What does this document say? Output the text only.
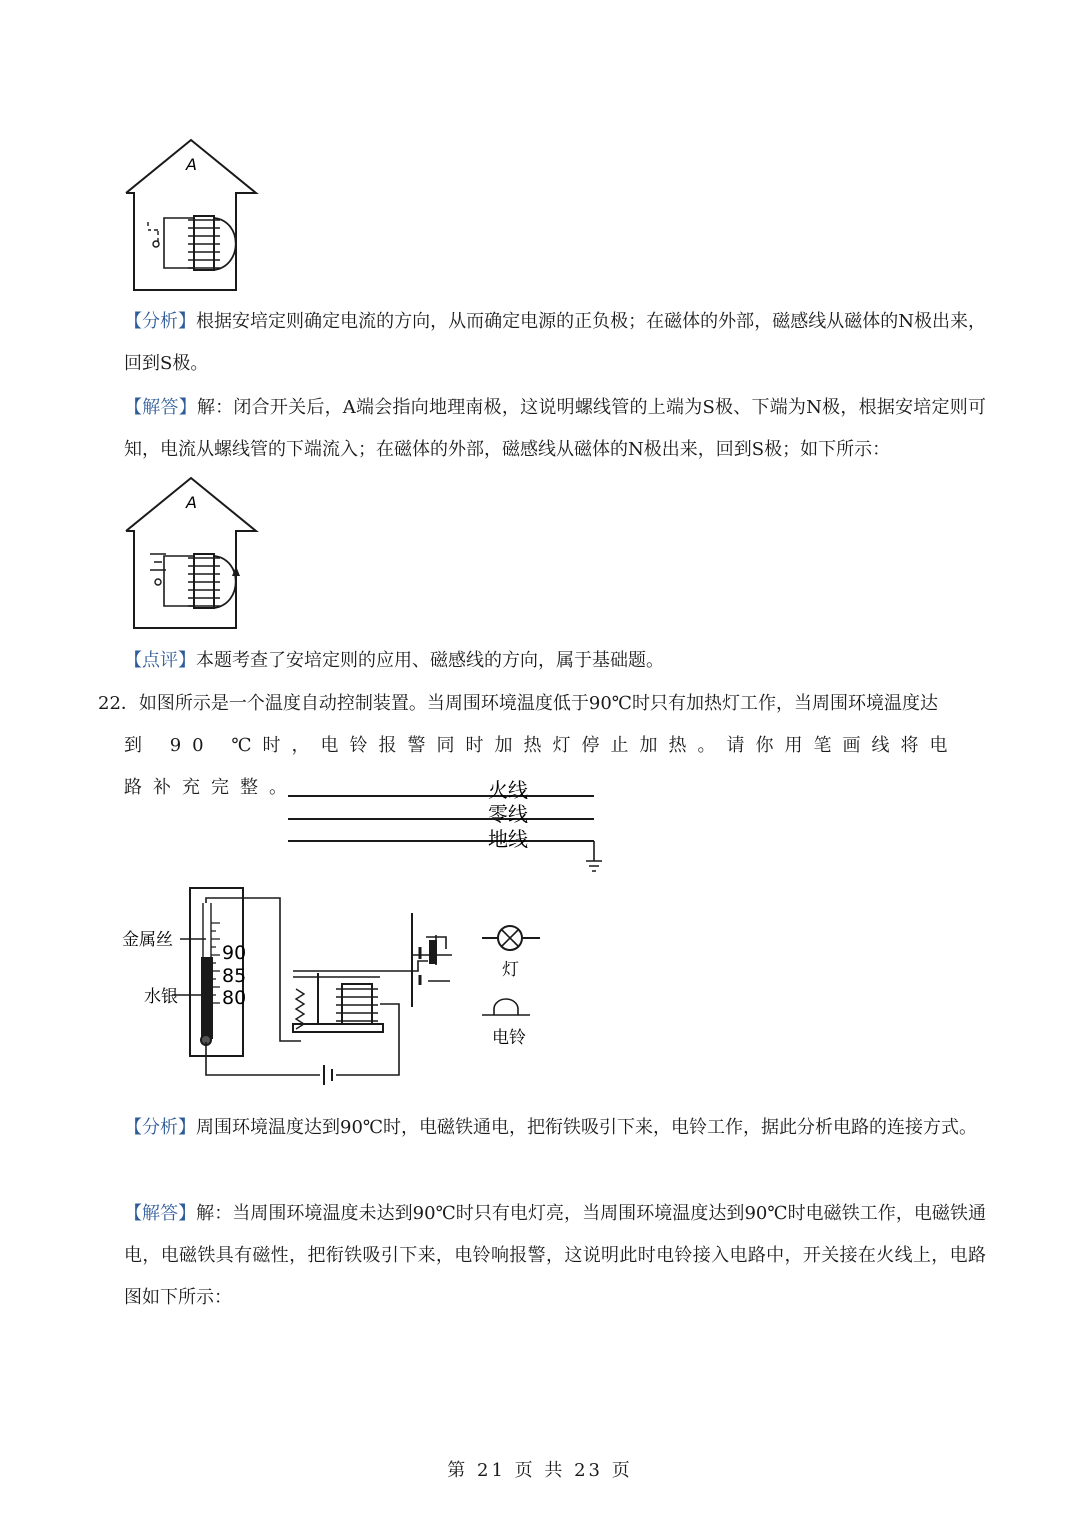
A
【分析】根据安培定则确定电流的方向，从而确定电源的正负极；在磁体的外部，磁感线从磁体的N极出来，回到S极。
【解答】解：闭合开关后，A端会指向地理南极，这说明螺线管的上端为S极、下端为N极，根据安培定则可知，电流从螺线管的下端流入；在磁体的外部，磁感线从磁体的N极出来，回到S极；如下所示：
A
【点评】本题考查了安培定则的应用、磁感线的方向，属于基础题。
22．如图所示是一个温度自动控制装置。当周围环境温度低于90℃时只有加热灯工作，当周围环境温度达
到 90 ℃时，电铃报警同时加热灯停止加热。请你用笔画线将电路补充完整。	火线
零线
地线
金属丝
水银
90
85
80
灯
电铃
【分析】周围环境温度达到90℃时，电磁铁通电，把衔铁吸引下来，电铃工作，据此分析电路的连接方式。
【解答】解：当周围环境温度未达到90℃时只有电灯亮，当周围环境温度达到90℃时电磁铁工作，电磁铁通电，电磁铁具有磁性，把衔铁吸引下来，电铃响报警，这说明此时电铃接入电路中，开关接在火线上，电路图如下所示：
第 21 页 共 23 页
